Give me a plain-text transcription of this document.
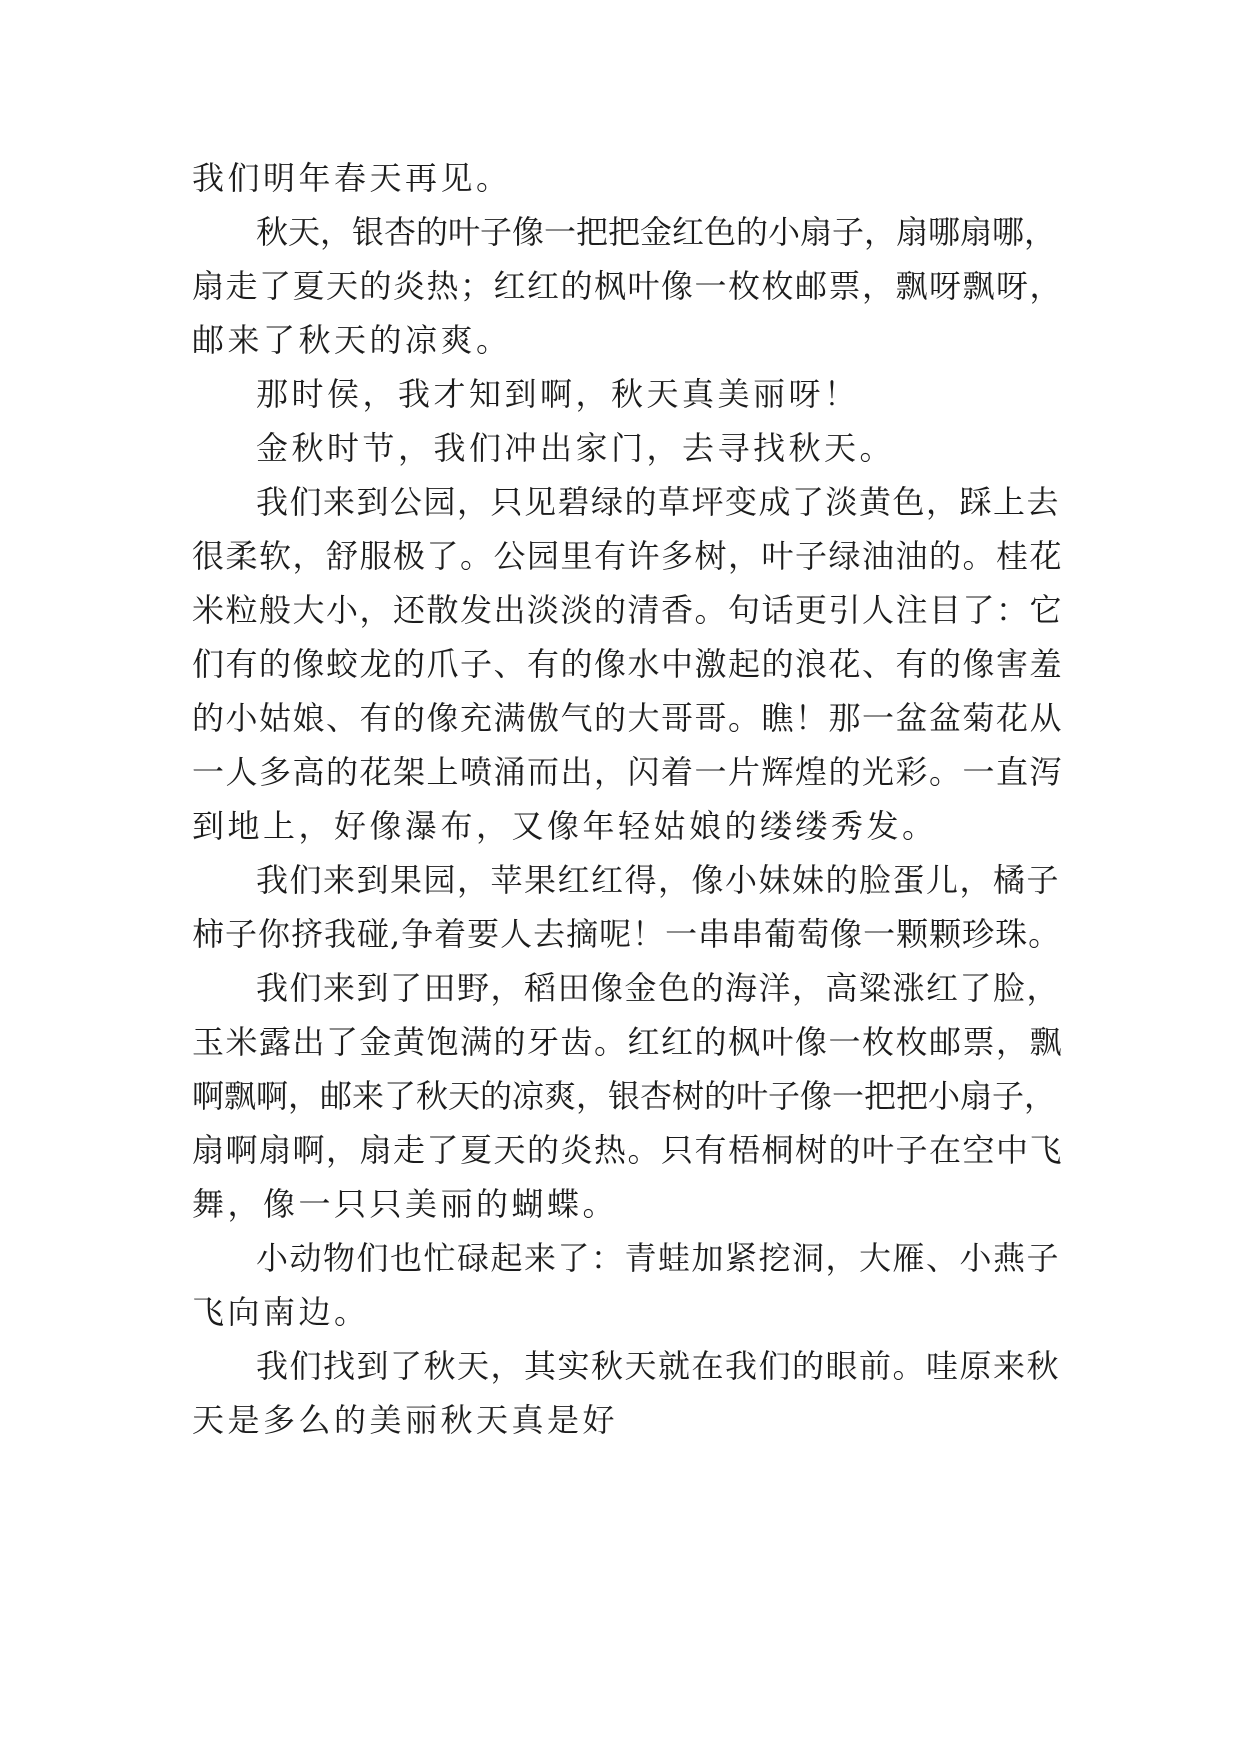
我们明年春天再见。
秋天，银杏的叶子像一把把金红色的小扇子，扇哪扇哪，
扇走了夏天的炎热；红红的枫叶像一枚枚邮票，飘呀飘呀，
邮来了秋天的凉爽。
那时侯，我才知到啊，秋天真美丽呀！
金秋时节，我们冲出家门，去寻找秋天。
我们来到公园，只见碧绿的草坪变成了淡黄色，踩上去
很柔软，舒服极了。公园里有许多树，叶子绿油油的。桂花
米粒般大小，还散发出淡淡的清香。句话更引人注目了：它
们有的像蛟龙的爪子、有的像水中激起的浪花、有的像害羞
的小姑娘、有的像充满傲气的大哥哥。瞧！那一盆盆菊花从
一人多高的花架上喷涌而出，闪着一片辉煌的光彩。一直泻
到地上，好像瀑布，又像年轻姑娘的缕缕秀发。
我们来到果园，苹果红红得，像小妹妹的脸蛋儿，橘子
柿子你挤我碰,争着要人去摘呢！一串串葡萄像一颗颗珍珠。
我们来到了田野，稻田像金色的海洋，高粱涨红了脸，
玉米露出了金黄饱满的牙齿。红红的枫叶像一枚枚邮票，飘
啊飘啊，邮来了秋天的凉爽，银杏树的叶子像一把把小扇子，
扇啊扇啊，扇走了夏天的炎热。只有梧桐树的叶子在空中飞
舞，像一只只美丽的蝴蝶。
小动物们也忙碌起来了：青蛙加紧挖洞，大雁、小燕子
飞向南边。
我们找到了秋天，其实秋天就在我们的眼前。哇原来秋
天是多么的美丽秋天真是好
